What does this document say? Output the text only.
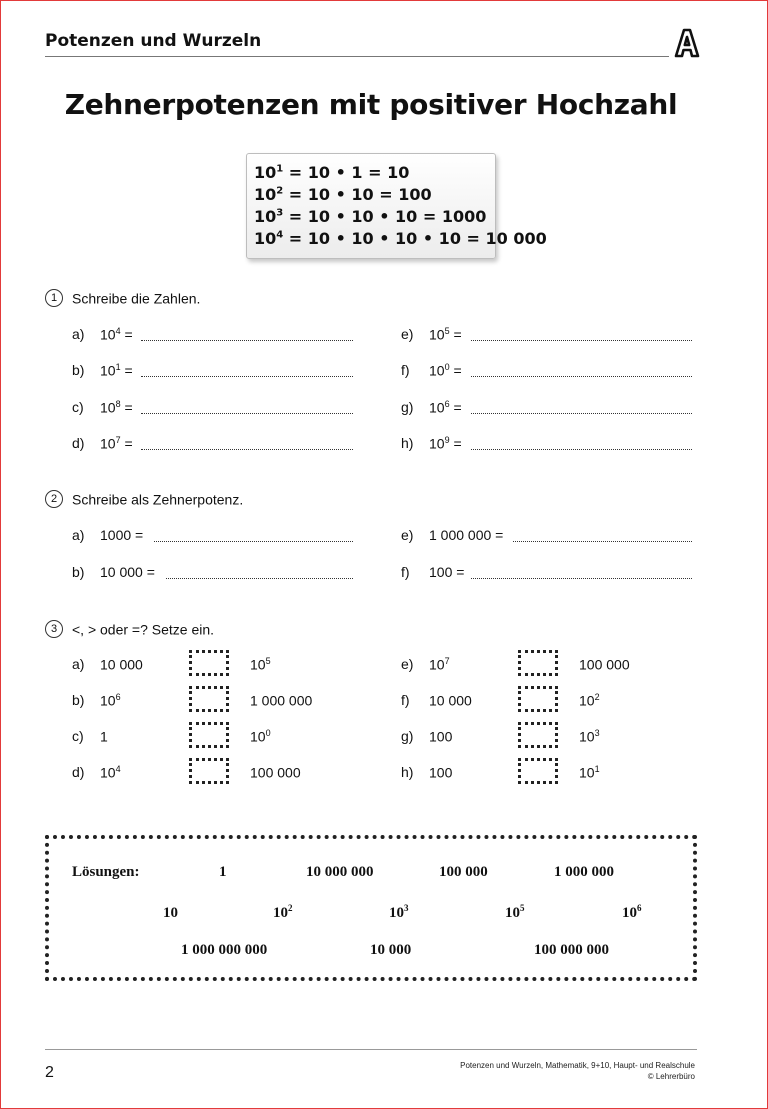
Potenzen und Wurzeln
Zehnerpotenzen mit positiver Hochzahl
$10^1 = 10$ • 1 = 10
$10^2 = 10$ • 10 = 100
$10^3 = 10$ • 10 • 10 = 1000
$10^4 = 10$ • 10 • 10 • 10 = 10 000
1 Schreibe die Zahlen.
a) $10^4$ =
b) $10^1$ =
c) $10^8$ =
d) $10^7$ =
e) $10^5$ =
f) $10^0$ =
g) $10^6$ =
h) $10^9$ =
2 Schreibe als Zehnerpotenz.
a) 1000 =
b) 10 000 =
e) 1 000 000 =
f) 100 =
3 <, > oder =? Setze ein.
a) 10 000	$10^5$
b) $10^6$	1 000 000
c) 1	$10^0$
d) $10^4$	100 000
e) $10^7$	100 000
f) 10 000	$10^2$
g) 100	$10^3$
h) 100	$10^1$
Lösungen:	1	10 000 000	100 000	1 000 000
10	$10^2$	$10^3$	$10^5$	$10^6$
1 000 000 000	10 000	100 000 000
2	Potenzen und Wurzeln, Mathematik, 9+10, Haupt- und Realschule
© Lehrerbüro
